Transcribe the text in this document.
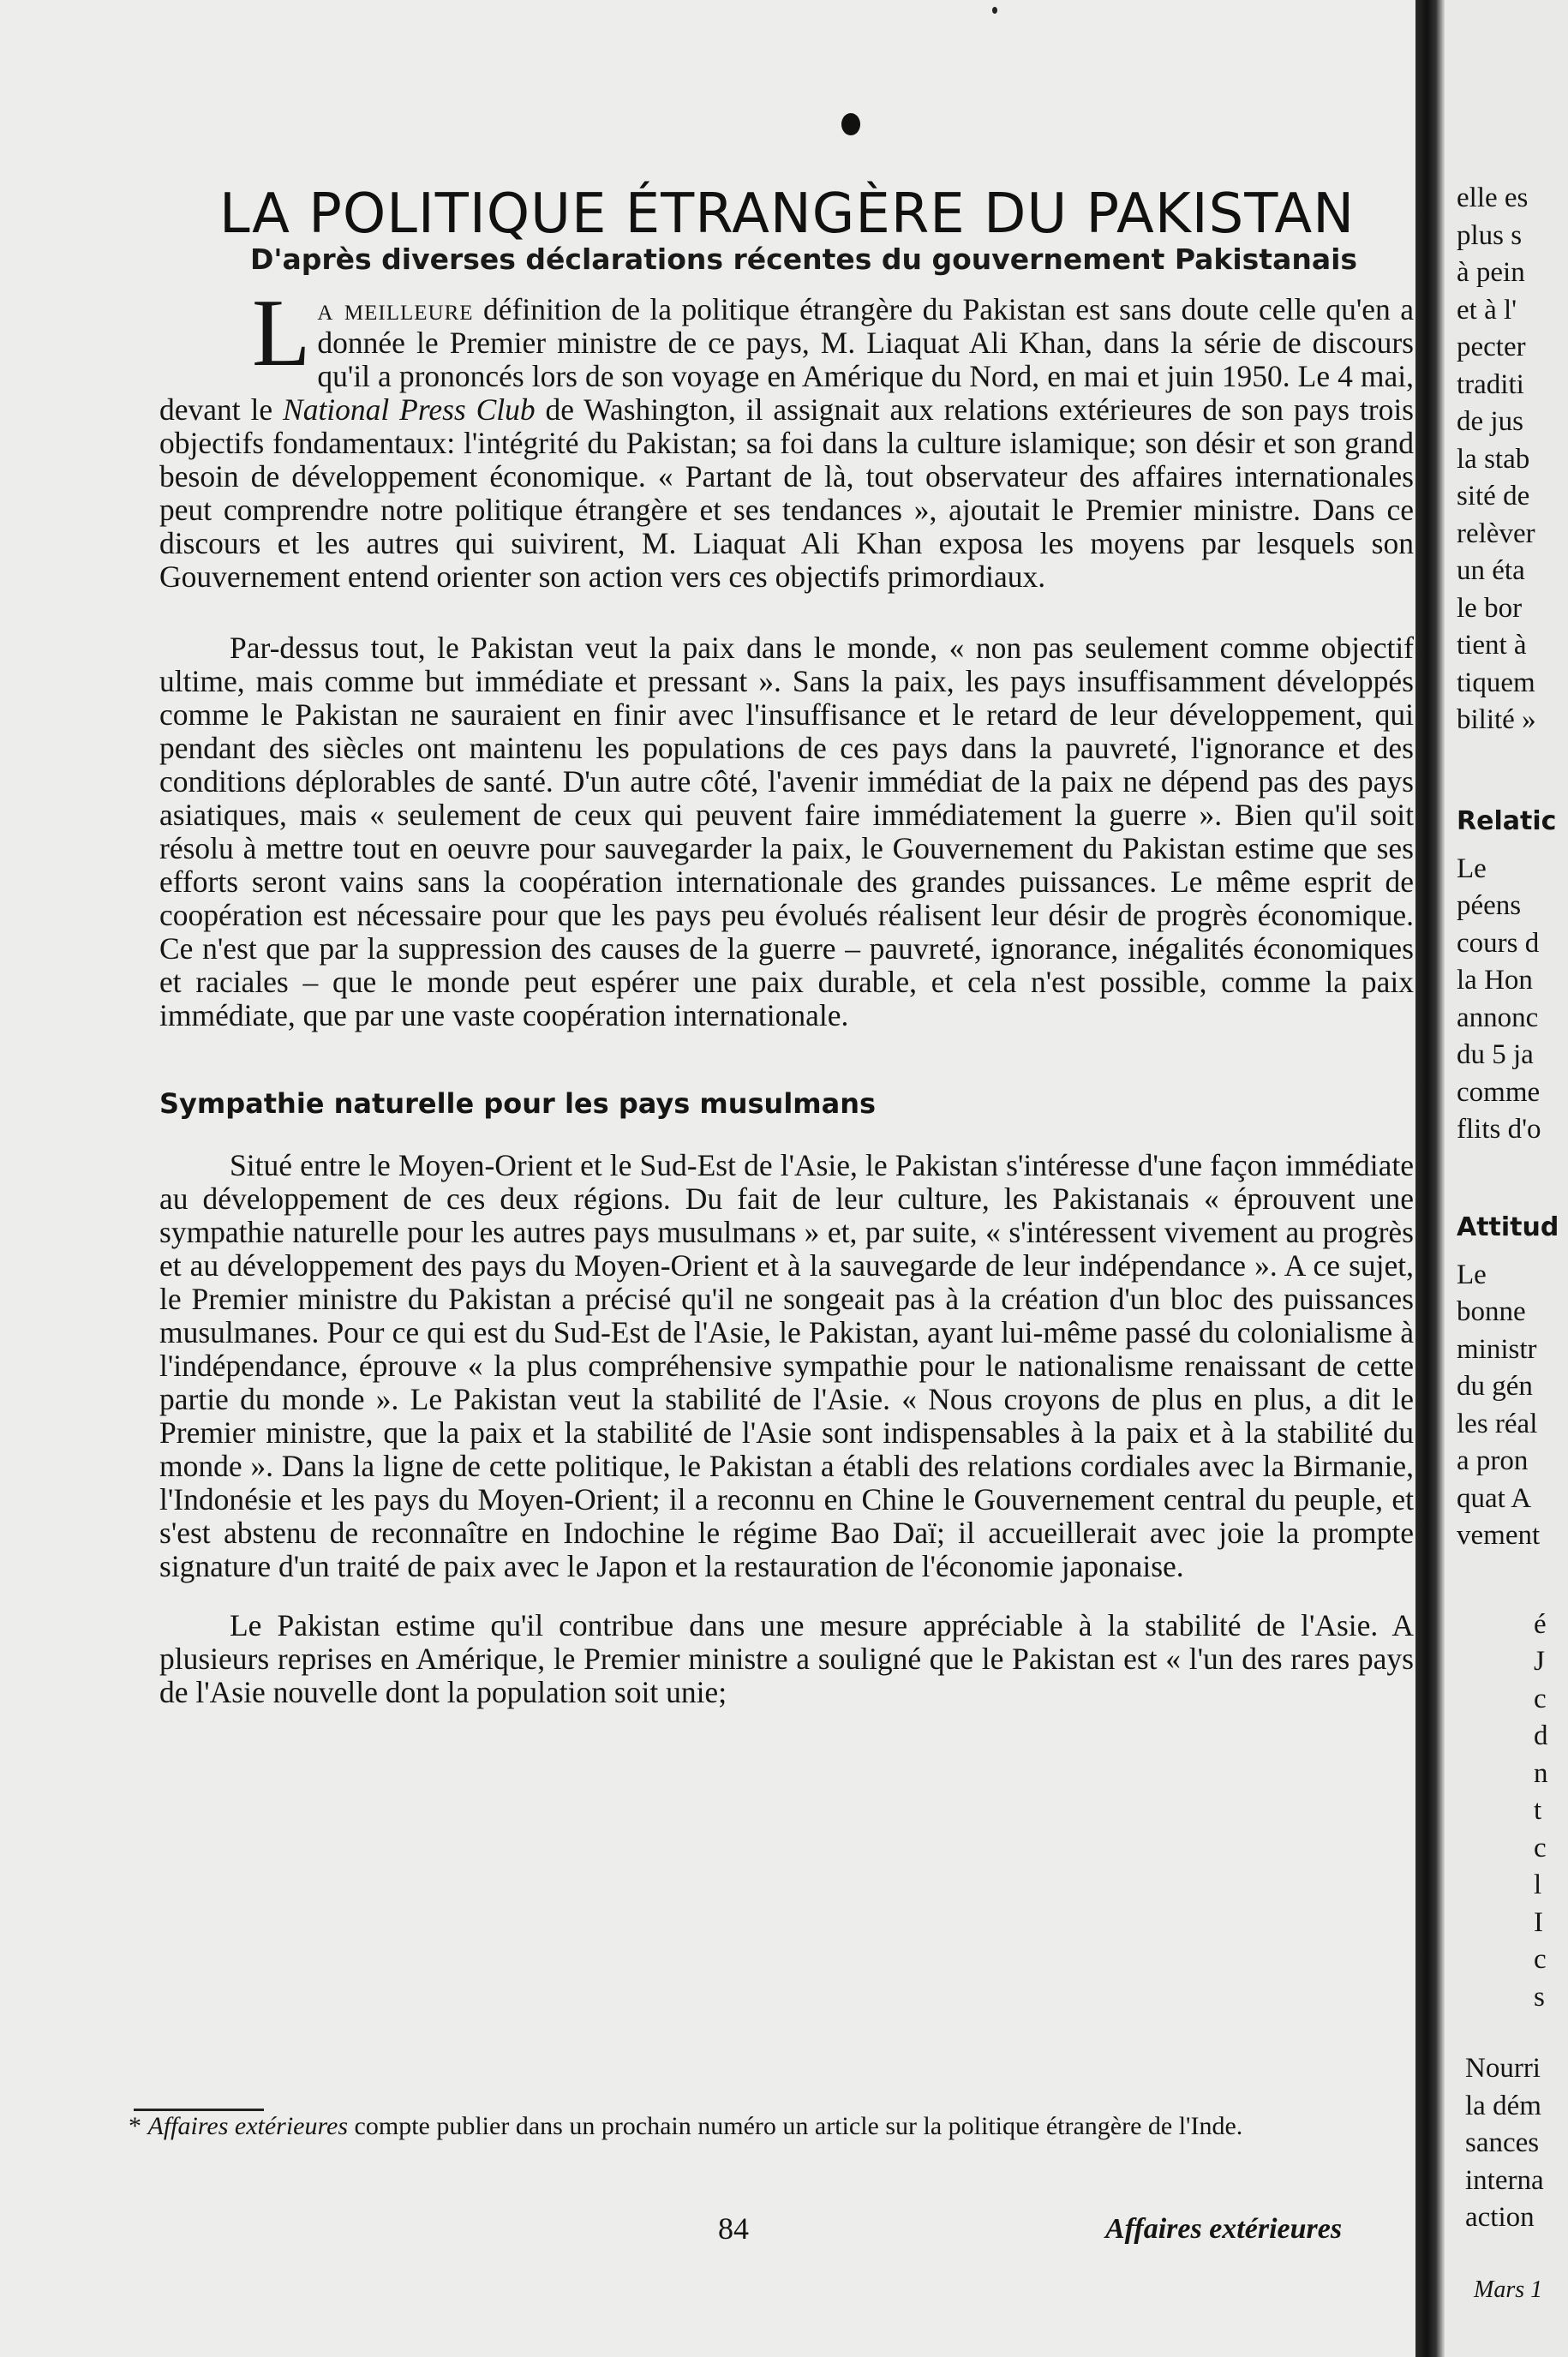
LA POLITIQUE ÉTRANGÈRE DU PAKISTAN
D'après diverses déclarations récentes du gouvernement Pakistanais

La meilleure définition de la politique étrangère du Pakistan est sans doute celle qu'en a donnée le Premier ministre de ce pays, M. Liaquat Ali Khan, dans la série de discours qu'il a prononcés lors de son voyage en Amérique du Nord, en mai et juin 1950. Le 4 mai, devant le National Press Club de Washington, il assignait aux relations extérieures de son pays trois objectifs fondamentaux: l'intégrité du Pakistan; sa foi dans la culture islamique; son désir et son grand besoin de développement économique. « Partant de là, tout observateur des affaires internationales peut comprendre notre politique étrangère et ses tendances », ajoutait le Premier ministre. Dans ce discours et les autres qui suivirent, M. Liaquat Ali Khan exposa les moyens par lesquels son Gouvernement entend orienter son action vers ces objectifs primordiaux.

Par-dessus tout, le Pakistan veut la paix dans le monde, « non pas seulement comme objectif ultime, mais comme but immédiate et pressant ». Sans la paix, les pays insuffisamment développés comme le Pakistan ne sauraient en finir avec l'insuffisance et le retard de leur développement, qui pendant des siècles ont maintenu les populations de ces pays dans la pauvreté, l'ignorance et des conditions déplorables de santé. D'un autre côté, l'avenir immédiat de la paix ne dépend pas des pays asiatiques, mais « seulement de ceux qui peuvent faire immédiatement la guerre ». Bien qu'il soit résolu à mettre tout en oeuvre pour sauvegarder la paix, le Gouvernement du Pakistan estime que ses efforts seront vains sans la coopération internationale des grandes puissances. Le même esprit de coopération est nécessaire pour que les pays peu évolués réalisent leur désir de progrès économique. Ce n'est que par la suppression des causes de la guerre – pauvreté, ignorance, inégalités économiques et raciales – que le monde peut espérer une paix durable, et cela n'est possible, comme la paix immédiate, que par une vaste coopération internationale.

Sympathie naturelle pour les pays musulmans

Situé entre le Moyen-Orient et le Sud-Est de l'Asie, le Pakistan s'intéresse d'une façon immédiate au développement de ces deux régions. Du fait de leur culture, les Pakistanais « éprouvent une sympathie naturelle pour les autres pays musulmans » et, par suite, « s'intéressent vivement au progrès et au développement des pays du Moyen-Orient et à la sauvegarde de leur indépendance ». A ce sujet, le Premier ministre du Pakistan a précisé qu'il ne songeait pas à la création d'un bloc des puissances musulmanes. Pour ce qui est du Sud-Est de l'Asie, le Pakistan, ayant lui-même passé du colonialisme à l'indépendance, éprouve « la plus compréhensive sympathie pour le nationalisme renaissant de cette partie du monde ». Le Pakistan veut la stabilité de l'Asie. « Nous croyons de plus en plus, a dit le Premier ministre, que la paix et la stabilité de l'Asie sont indispensables à la paix et à la stabilité du monde ». Dans la ligne de cette politique, le Pakistan a établi des relations cordiales avec la Birmanie, l'Indonésie et les pays du Moyen-Orient; il a reconnu en Chine le Gouvernement central du peuple, et s'est abstenu de reconnaître en Indochine le régime Bao Daï; il accueillerait avec joie la prompte signature d'un traité de paix avec le Japon et la restauration de l'économie japonaise.

Le Pakistan estime qu'il contribue dans une mesure appréciable à la stabilité de l'Asie. A plusieurs reprises en Amérique, le Premier ministre a souligné que le Pakistan est « l'un des rares pays de l'Asie nouvelle dont la population soit unie;

* Affaires extérieures compte publier dans un prochain numéro un article sur la politique étrangère de l'Inde.
84	Affaires extérieures
elle es
plus s
à pein
et à l'
pecter
traditi
de jus
la stab
sité de
relèver
un éta
le bor
tient à
tiquem
bilité »
Relatic
Le
péens
cours d
la Hon
annonc
du 5 ja
comme
flits d'o
Attitud
Le
bonne
ministr
du gén
les réal
a pron
quat A
vement
é
J
c
d
n
t
c
l
I
c
s
Nourri
la dém
sances
interna
action
Mars 1
